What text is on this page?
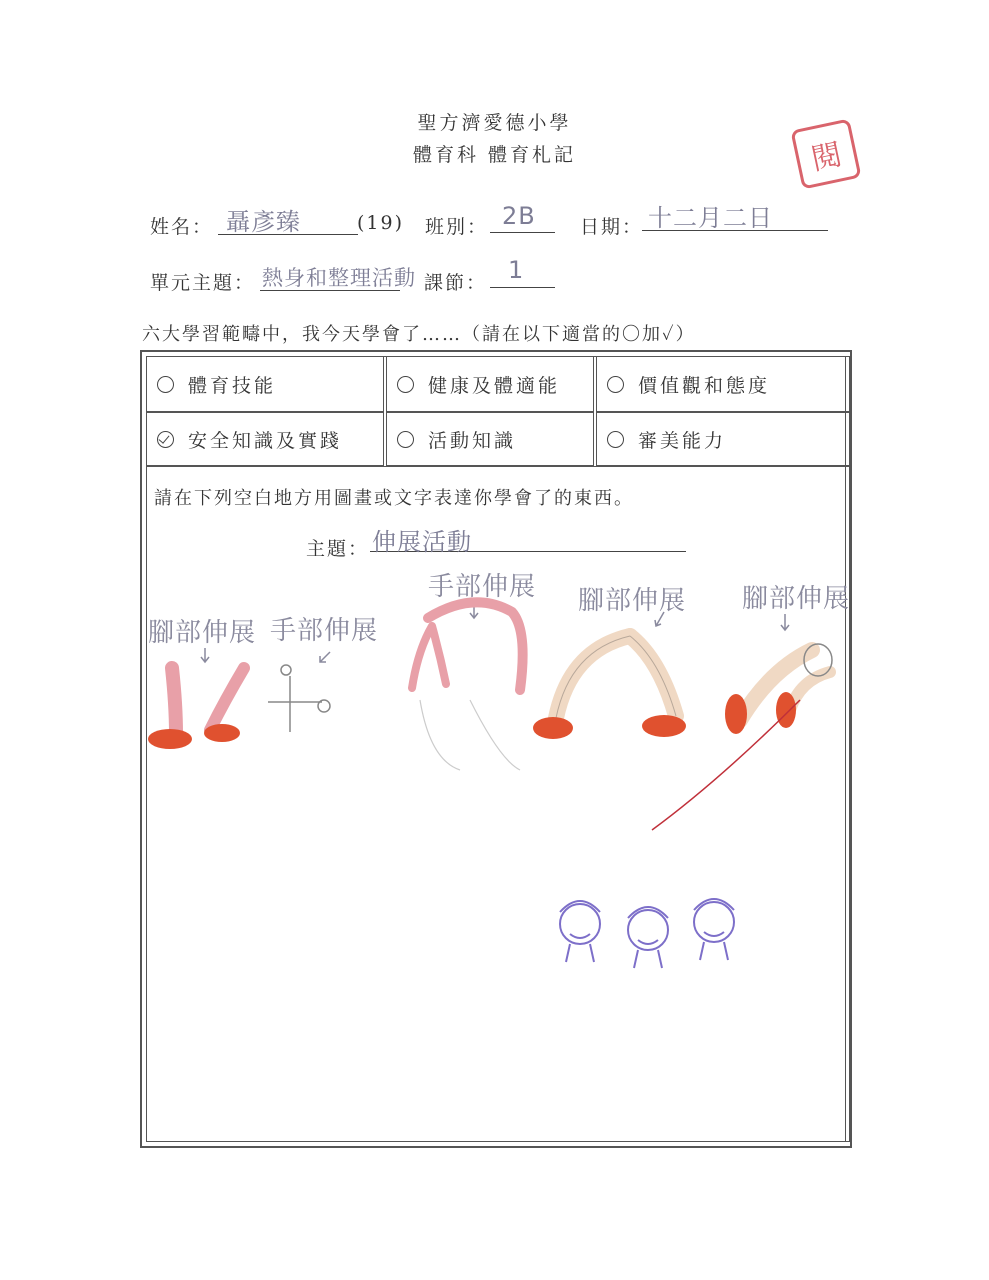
聖方濟愛德小學
體育科 體育札記	閱
姓名： 聶彥臻	(19) 班別： 2B 日期： 十二月二日
單元主題： 熱身和整理活動 課節： 1
六大學習範疇中，我今天學會了……（請在以下適當的〇加✓）
體育技能	健康及體適能	價值觀和態度
安全知識及實踐	活動知識	審美能力
請在下列空白地方用圖畫或文字表達你學會了的東西。
主題： 伸展活動
腳部伸展 手部伸展
手部伸展 腳部伸展 腳部伸展
